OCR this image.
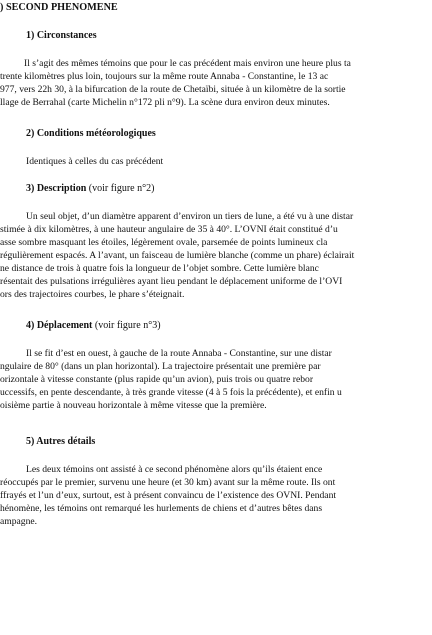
) SECOND PHENOMENE
1) Circonstances
Il s’agit des mêmes témoins que pour le cas précédent mais environ une heure plus ta
trente kilomètres plus loin, toujours sur la même route Annaba - Constantine, le 13 ac
977, vers 22h 30, à la bifurcation de la route de Chetaïbi, située à un kilomètre de la sortie
llage de Berrahal (carte Michelin n°172 pli n°9). La scène dura environ deux minutes.
2) Conditions météorologiques
Identiques à celles du cas précédent
3) Description (voir figure n°2)
Un seul objet, d’un diamètre apparent d’environ un tiers de lune, a été vu à une distar
stimée à dix kilomètres, à une hauteur angulaire de 35 à 40°. L’OVNI était constitué d’u
asse sombre masquant les étoiles, légèrement ovale, parsemée de points lumineux cla
régulièrement espacés. A l’avant, un faisceau de lumière blanche (comme un phare) éclairait
ne distance de trois à quatre fois la longueur de l’objet sombre. Cette lumière blanc
résentait des pulsations irrégulières ayant lieu pendant le déplacement uniforme de l’OVI
ors des trajectoires courbes, le phare s’éteignait.
4) Déplacement (voir figure n°3)
Il se fit d’est en ouest, à gauche de la route Annaba - Constantine, sur une distar
ngulaire de 80° (dans un plan horizontal). La trajectoire présentait une première par
orizontale à vitesse constante (plus rapide qu’un avion), puis trois ou quatre rebor
uccessifs, en pente descendante, à très grande vitesse (4 à 5 fois la précédente), et enfin u
oisième partie à nouveau horizontale à même vitesse que la première.
5) Autres détails
Les deux témoins ont assisté à ce second phénomène alors qu’ils étaient ence
réoccupés par le premier, survenu une heure (et 30 km) avant sur la même route. Ils ont
ffrayés et l’un d’eux, surtout, est à présent convaincu de l’existence des OVNI. Pendant
hénomène, les témoins ont remarqué les hurlements de chiens et d’autres bêtes dans
ampagne.
